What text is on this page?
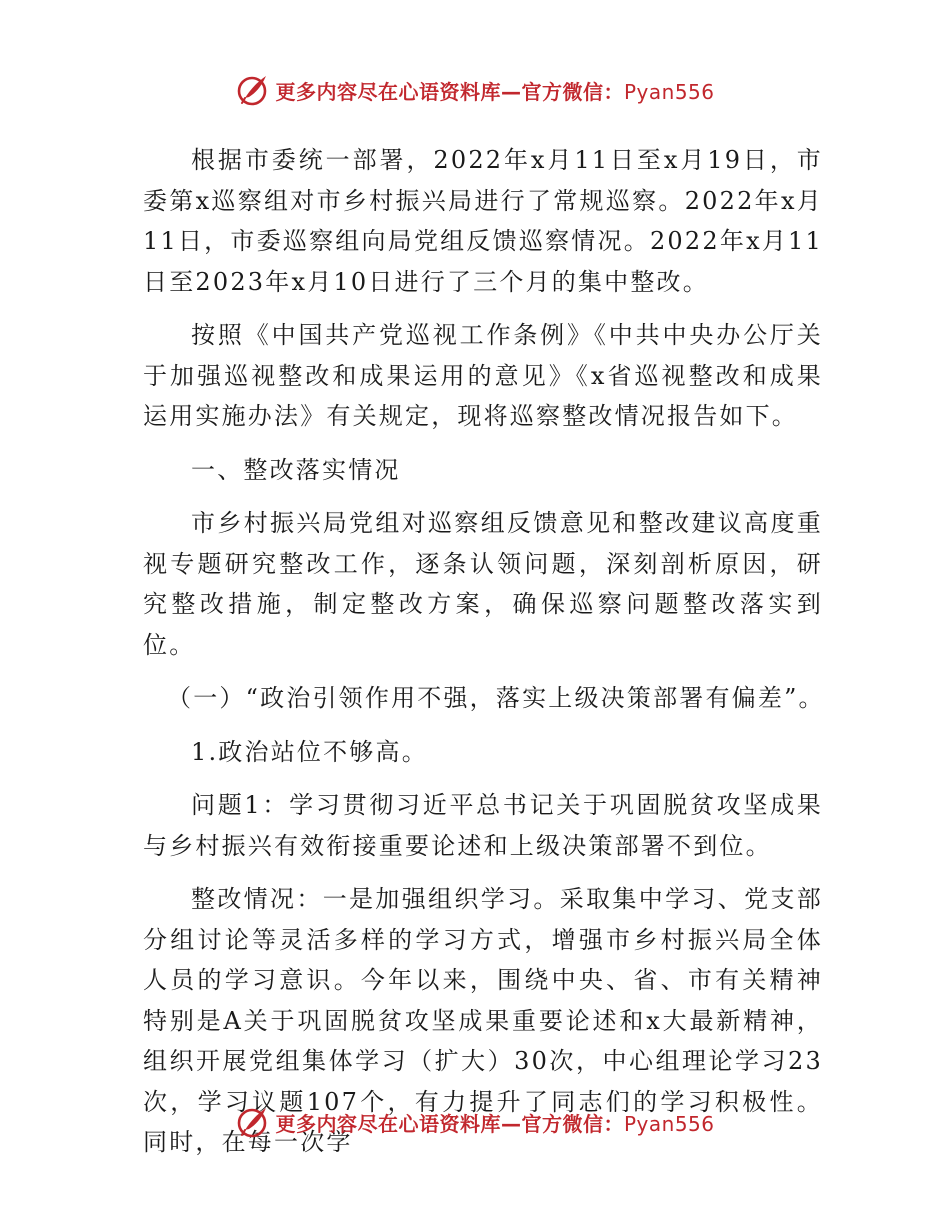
更多内容尽在心语资料库—官方微信：Pyan556

根据市委统一部署，2022年x月11日至x月19日，市委第x巡察组对市乡村振兴局进行了常规巡察。2022年x月11日，市委巡察组向局党组反馈巡察情况。2022年x月11日至2023年x月10日进行了三个月的集中整改。

按照《中国共产党巡视工作条例》《中共中央办公厅关于加强巡视整改和成果运用的意见》《x省巡视整改和成果运用实施办法》有关规定，现将巡察整改情况报告如下。

一、整改落实情况

市乡村振兴局党组对巡察组反馈意见和整改建议高度重视专题研究整改工作，逐条认领问题，深刻剖析原因，研究整改措施，制定整改方案，确保巡察问题整改落实到位。

（一）“政治引领作用不强，落实上级决策部署有偏差”。

1.政治站位不够高。

问题1：学习贯彻习近平总书记关于巩固脱贫攻坚成果与乡村振兴有效衔接重要论述和上级决策部署不到位。

整改情况：一是加强组织学习。采取集中学习、党支部分组讨论等灵活多样的学习方式，增强市乡村振兴局全体人员的学习意识。今年以来，围绕中央、省、市有关精神特别是A关于巩固脱贫攻坚成果重要论述和x大最新精神，组织开展党组集体学习（扩大）30次，中心组理论学习23次，学习议题107个，有力提升了同志们的学习积极性。同时，在每一次学

更多内容尽在心语资料库—官方微信：Pyan556
